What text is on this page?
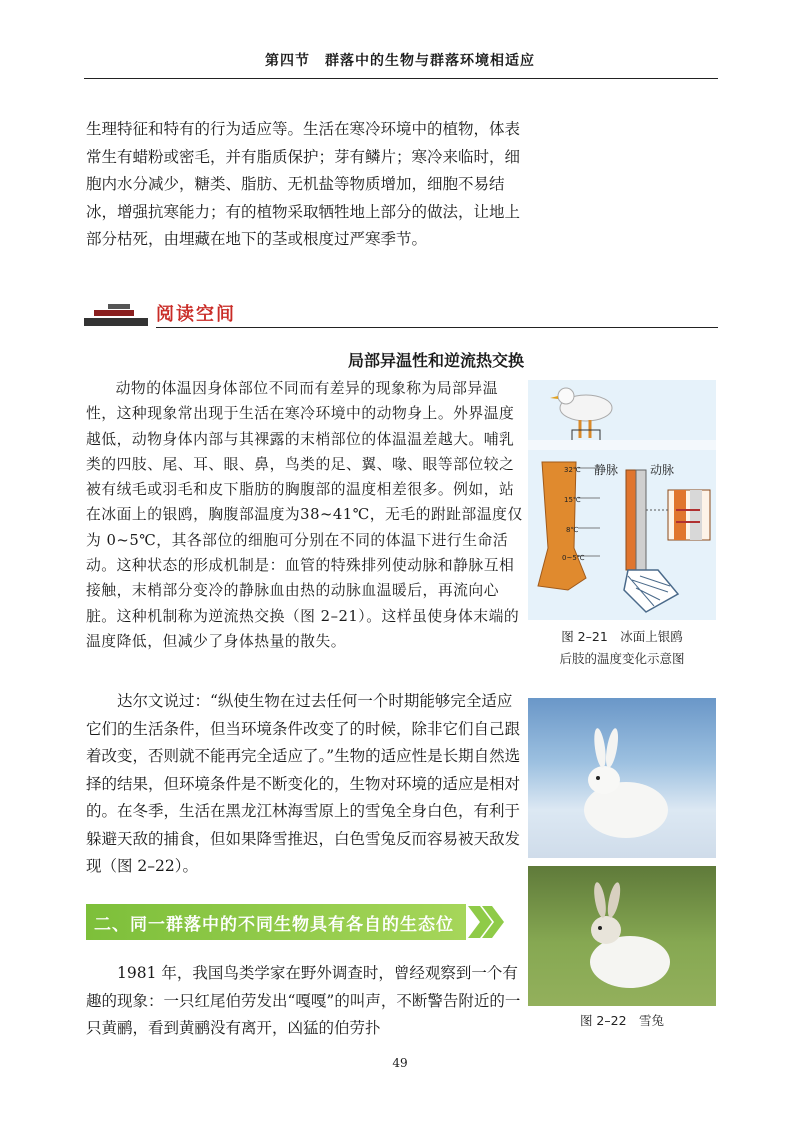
第四节　群落中的生物与群落环境相适应

生理特征和特有的行为适应等。生活在寒冷环境中的植物，体表常生有蜡粉或密毛，并有脂质保护；芽有鳞片；寒冷来临时，细胞内水分减少，糖类、脂肪、无机盐等物质增加，细胞不易结冰，增强抗寒能力；有的植物采取牺牲地上部分的做法，让地上部分枯死，由埋藏在地下的茎或根度过严寒季节。

阅读空间
局部异温性和逆流热交换

动物的体温因身体部位不同而有差异的现象称为局部异温性，这种现象常出现于生活在寒冷环境中的动物身上。外界温度越低，动物身体内部与其裸露的末梢部位的体温温差越大。哺乳类的四肢、尾、耳、眼、鼻，鸟类的足、翼、喙、眼等部位较之被有绒毛或羽毛和皮下脂肪的胸腹部的温度相差很多。例如，站在冰面上的银鸥，胸腹部温度为38~41℃，无毛的跗趾部温度仅为 0~5℃，其各部位的细胞可分别在不同的体温下进行生命活动。这种状态的形成机制是：血管的特殊排列使动脉和静脉互相接触，末梢部分变冷的静脉血由热的动脉血温暖后，再流向心脏。这种机制称为逆流热交换（图 2–21）。这样虽使身体末端的温度降低，但减少了身体热量的散失。

32℃
15℃
8℃
0~5℃
静脉	动脉
图 2–21　冰面上银鸥
后肢的温度变化示意图

达尔文说过：“纵使生物在过去任何一个时期能够完全适应它们的生活条件，但当环境条件改变了的时候，除非它们自己跟着改变，否则就不能再完全适应了。”生物的适应性是长期自然选择的结果，但环境条件是不断变化的，生物对环境的适应是相对的。在冬季，生活在黑龙江林海雪原上的雪兔全身白色，有利于躲避天敌的捕食，但如果降雪推迟，白色雪兔反而容易被天敌发现（图 2–22）。

图 2–22　雪兔
二、同一群落中的不同生物具有各自的生态位

1981 年，我国鸟类学家在野外调查时，曾经观察到一个有趣的现象：一只红尾伯劳发出“嘎嘎”的叫声，不断警告附近的一只黄鹂，看到黄鹂没有离开，凶猛的伯劳扑

49
